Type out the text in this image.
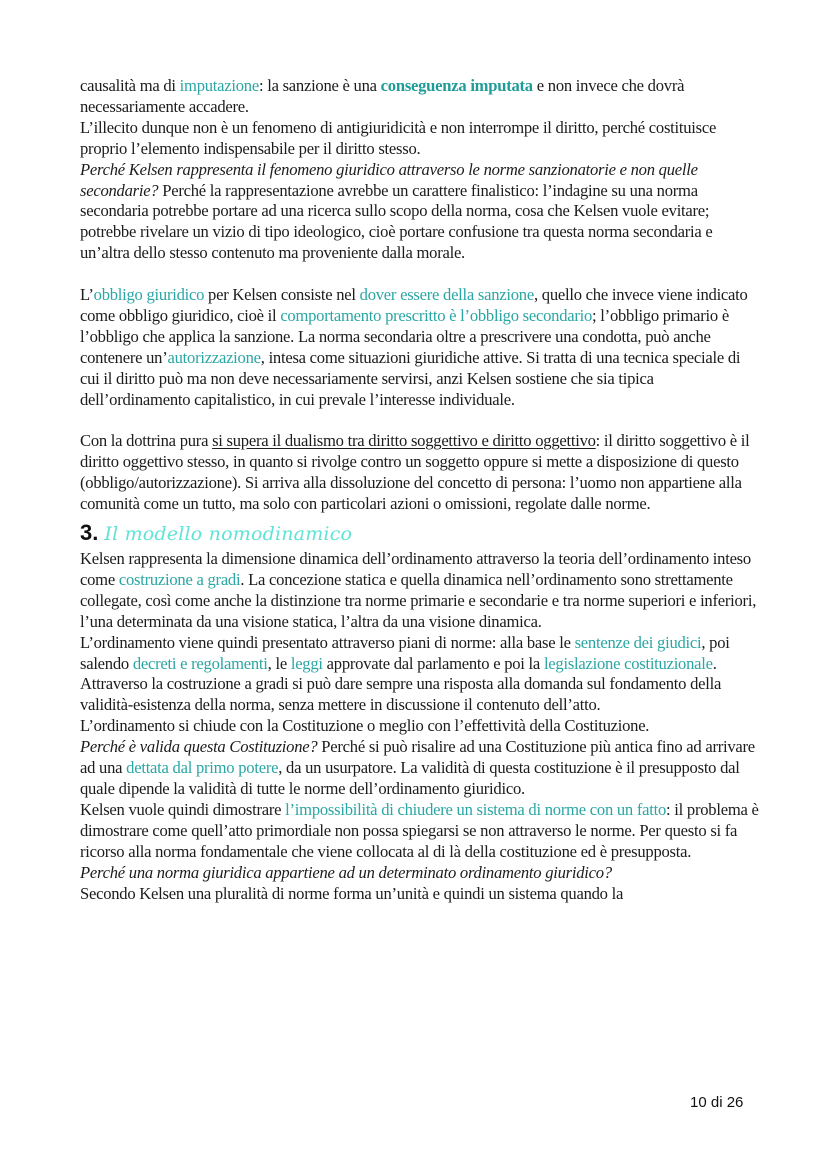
causalità ma di imputazione: la sanzione è una conseguenza imputata e non invece che dovrà necessariamente accadere.

L’illecito dunque non è un fenomeno di antigiuridicità e non interrompe il diritto, perché costituisce proprio l’elemento indispensabile per il diritto stesso.

Perché Kelsen rappresenta il fenomeno giuridico attraverso le norme sanzionatorie e non quelle secondarie? Perché la rappresentazione avrebbe un carattere finalistico: l’indagine su una norma secondaria potrebbe portare ad una ricerca sullo scopo della norma, cosa che Kelsen vuole evitare; potrebbe rivelare un vizio di tipo ideologico, cioè portare confusione tra questa norma secondaria e un’altra dello stesso contenuto ma proveniente dalla morale.

L’obbligo giuridico per Kelsen consiste nel dover essere della sanzione, quello che invece viene indicato come obbligo giuridico, cioè il comportamento prescritto è l’obbligo secondario; l’obbligo primario è l’obbligo che applica la sanzione. La norma secondaria oltre a prescrivere una condotta, può anche contenere un’autorizzazione, intesa come situazioni giuridiche attive. Si tratta di una tecnica speciale di cui il diritto può ma non deve necessariamente servirsi, anzi Kelsen sostiene che sia tipica dell’ordinamento capitalistico, in cui prevale l’interesse individuale.

Con la dottrina pura si supera il dualismo tra diritto soggettivo e diritto oggettivo: il diritto soggettivo è il diritto oggettivo stesso, in quanto si rivolge contro un soggetto oppure si mette a disposizione di questo (obbligo/autorizzazione). Si arriva alla dissoluzione del concetto di persona: l’uomo non appartiene alla comunità come un tutto, ma solo con particolari azioni o omissioni, regolate dalle norme.

3. Il modello nomodinamico

Kelsen rappresenta la dimensione dinamica dell’ordinamento attraverso la teoria dell’ordinamento inteso come costruzione a gradi. La concezione statica e quella dinamica nell’ordinamento sono strettamente collegate, così come anche la distinzione tra norme primarie e secondarie e tra norme superiori e inferiori, l’una determinata da una visione statica, l’altra da una visione dinamica.

L’ordinamento viene quindi presentato attraverso piani di norme: alla base le sentenze dei giudici, poi salendo decreti e regolamenti, le leggi approvate dal parlamento e poi la legislazione costituzionale.

Attraverso la costruzione a gradi si può dare sempre una risposta alla domanda sul fondamento della validità-esistenza della norma, senza mettere in discussione il contenuto dell’atto.

L’ordinamento si chiude con la Costituzione o meglio con l’effettività della Costituzione.

Perché è valida questa Costituzione? Perché si può risalire ad una Costituzione più antica fino ad arrivare ad una dettata dal primo potere, da un usurpatore. La validità di questa costituzione è il presupposto dal quale dipende la validità di tutte le norme dell’ordinamento giuridico.

Kelsen vuole quindi dimostrare l’impossibilità di chiudere un sistema di norme con un fatto: il problema è dimostrare come quell’atto primordiale non possa spiegarsi se non attraverso le norme. Per questo si fa ricorso alla norma fondamentale che viene collocata al di là della costituzione ed è presupposta.

Perché una norma giuridica appartiene ad un determinato ordinamento giuridico?

Secondo Kelsen una pluralità di norme forma un’unità e quindi un sistema quando la

10 di 26
